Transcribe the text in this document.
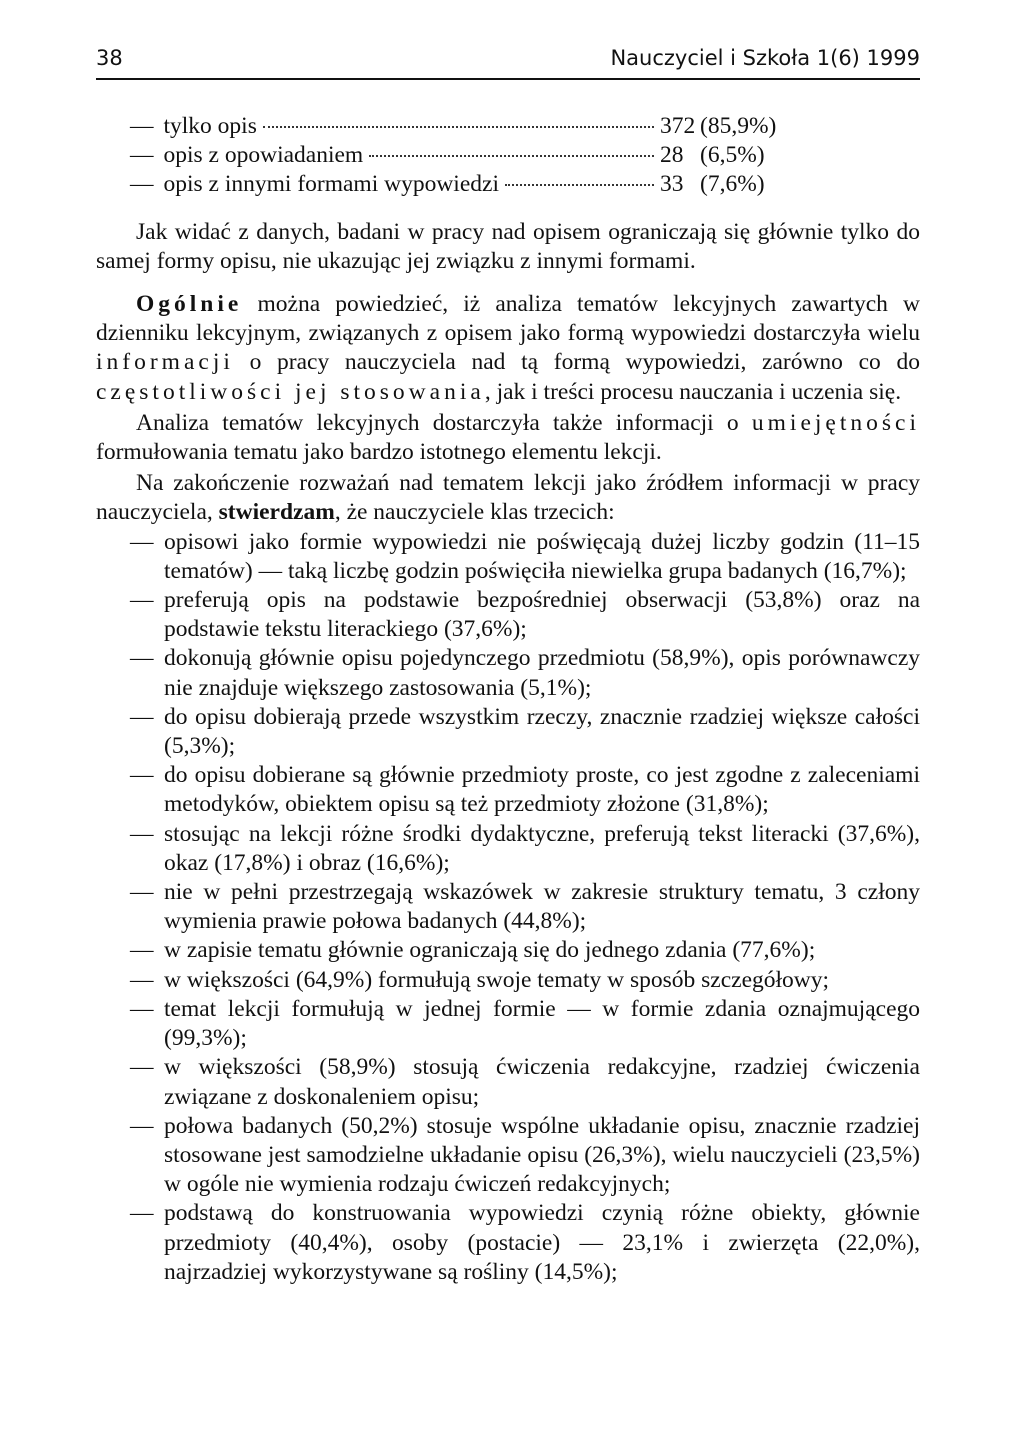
38	Nauczyciel i Szkoła 1(6) 1999
— tylko opis	372 (85,9%)
— opis z opowiadaniem	28 (6,5%)
— opis z innymi formami wypowiedzi	33 (7,6%)

Jak widać z danych, badani w pracy nad opisem ograniczają się głównie tylko do samej formy opisu, nie ukazując jej związku z innymi formami.

Ogólnie można powiedzieć, iż analiza tematów lekcyjnych zawartych w dzienniku lekcyjnym, związanych z opisem jako formą wypowiedzi dostarczyła wielu informacji o pracy nauczyciela nad tą formą wypowiedzi, zarówno co do częstotliwości jej stosowania, jak i treści procesu nauczania i uczenia się.

Analiza tematów lekcyjnych dostarczyła także informacji o umiejętności formułowania tematu jako bardzo istotnego elementu lekcji.

Na zakończenie rozważań nad tematem lekcji jako źródłem informacji w pracy nauczyciela, stwierdzam, że nauczyciele klas trzecich:

— opisowi jako formie wypowiedzi nie poświęcają dużej liczby godzin (11–15 tematów) — taką liczbę godzin poświęciła niewielka grupa badanych (16,7%);
— preferują opis na podstawie bezpośredniej obserwacji (53,8%) oraz na podstawie tekstu literackiego (37,6%);
— dokonują głównie opisu pojedynczego przedmiotu (58,9%), opis porównawczy nie znajduje większego zastosowania (5,1%);
— do opisu dobierają przede wszystkim rzeczy, znacznie rzadziej większe całości (5,3%);
— do opisu dobierane są głównie przedmioty proste, co jest zgodne z zaleceniami metodyków, obiektem opisu są też przedmioty złożone (31,8%);
— stosując na lekcji różne środki dydaktyczne, preferują tekst literacki (37,6%), okaz (17,8%) i obraz (16,6%);
— nie w pełni przestrzegają wskazówek w zakresie struktury tematu, 3 człony wymienia prawie połowa badanych (44,8%);
— w zapisie tematu głównie ograniczają się do jednego zdania (77,6%);
— w większości (64,9%) formułują swoje tematy w sposób szczegółowy;
— temat lekcji formułują w jednej formie — w formie zdania oznajmującego (99,3%);
— w większości (58,9%) stosują ćwiczenia redakcyjne, rzadziej ćwiczenia związane z doskonaleniem opisu;
— połowa badanych (50,2%) stosuje wspólne układanie opisu, znacznie rzadziej stosowane jest samodzielne układanie opisu (26,3%), wielu nauczycieli (23,5%) w ogóle nie wymienia rodzaju ćwiczeń redakcyjnych;
— podstawą do konstruowania wypowiedzi czynią różne obiekty, głównie przedmioty (40,4%), osoby (postacie) — 23,1% i zwierzęta (22,0%), najrzadziej wykorzystywane są rośliny (14,5%);
